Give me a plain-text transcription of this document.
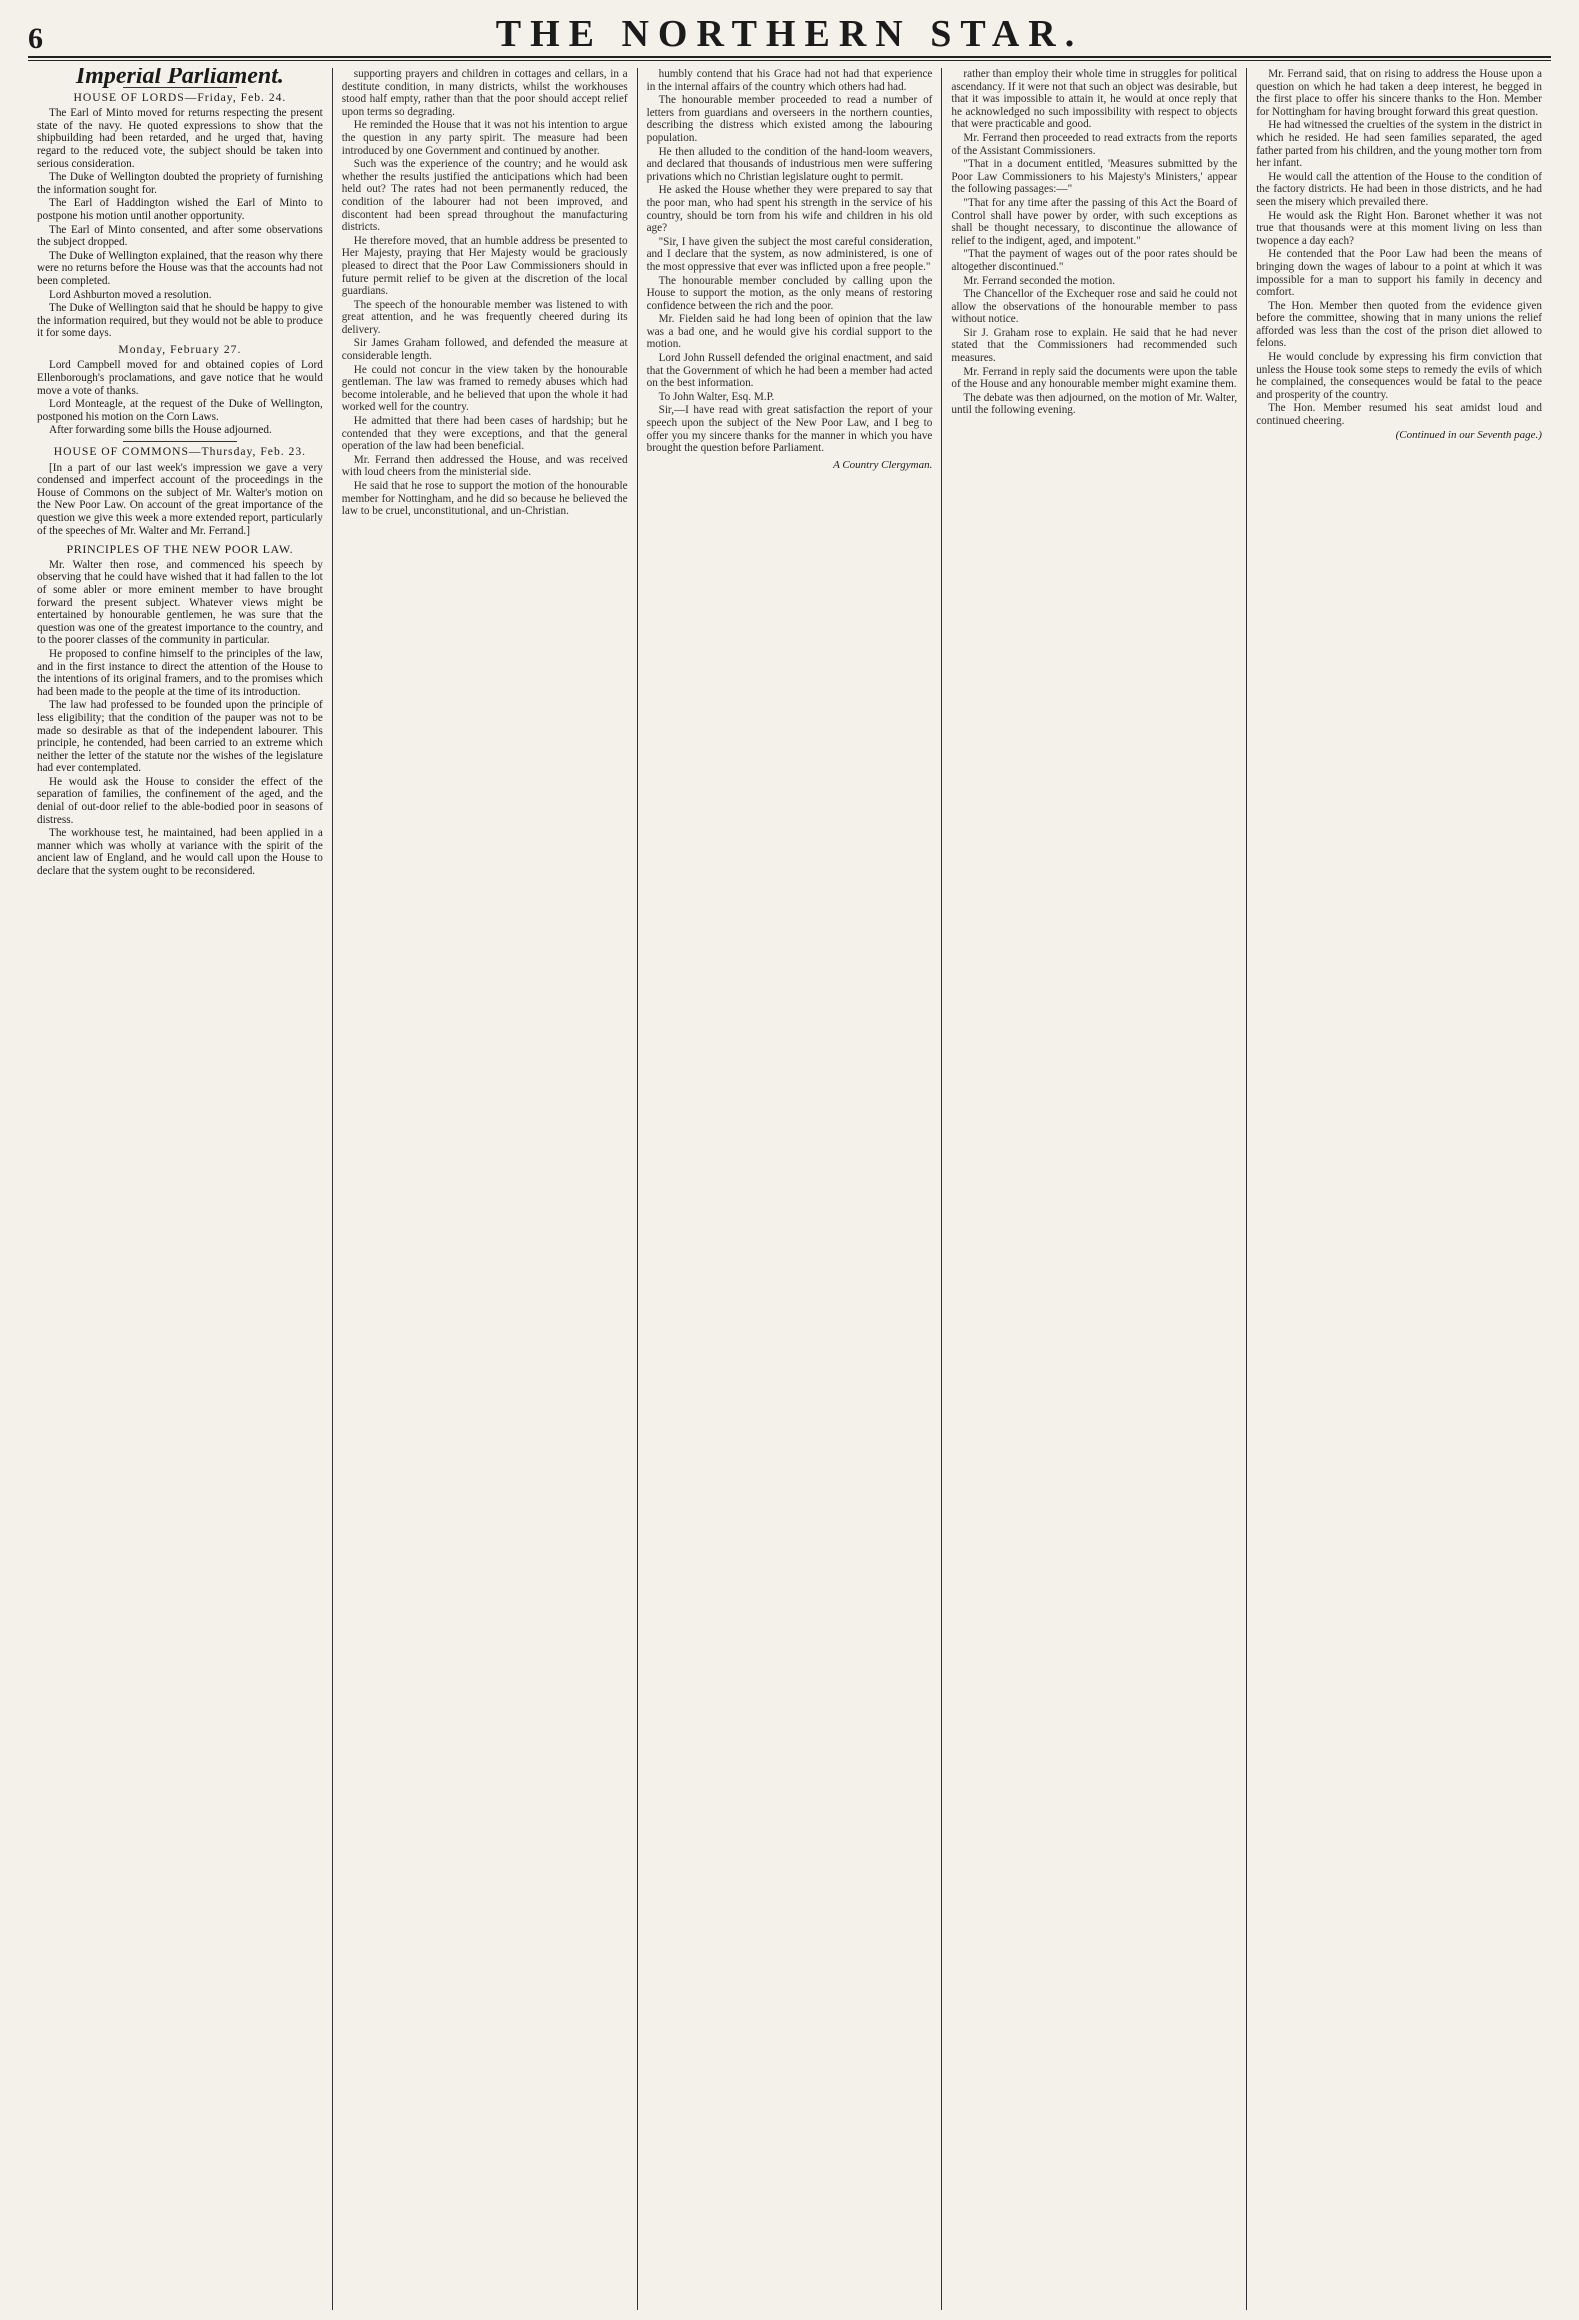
6	THE NORTHERN STAR.
Imperial Parliament.
HOUSE OF LORDS—Friday, Feb. 24.

The Earl of Minto moved for returns respecting the present state of the navy. He quoted expressions to show that the shipbuilding had been retarded, and he urged that, having regard to the reduced vote, the subject should be taken into serious consideration.

The Duke of Wellington doubted the propriety of furnishing the information sought for.

The Earl of Haddington wished the Earl of Minto to postpone his motion until another opportunity.

The Earl of Minto consented, and after some observations the subject dropped.

The Duke of Wellington explained, that the reason why there were no returns before the House was that the accounts had not been completed.

Lord Ashburton moved a resolution.

The Duke of Wellington said that he should be happy to give the information required, but they would not be able to produce it for some days.

Monday, February 27.

Lord Campbell moved for and obtained copies of Lord Ellenborough's proclamations, and gave notice that he would move a vote of thanks.

Lord Monteagle, at the request of the Duke of Wellington, postponed his motion on the Corn Laws.

After forwarding some bills the House adjourned.

HOUSE OF COMMONS—Thursday, Feb. 23.

[In a part of our last week's impression we gave a very condensed and imperfect account of the proceedings in the House of Commons on the subject of Mr. Walter's motion on the New Poor Law. On account of the great importance of the question we give this week a more extended report, particularly of the speeches of Mr. Walter and Mr. Ferrand.]

PRINCIPLES OF THE NEW POOR LAW.

Mr. Walter then rose, and commenced his speech by observing that he could have wished that it had fallen to the lot of some abler or more eminent member to have brought forward the present subject. Whatever views might be entertained by honourable gentlemen, he was sure that the question was one of the greatest importance to the country, and to the poorer classes of the community in particular.

He proposed to confine himself to the principles of the law, and in the first instance to direct the attention of the House to the intentions of its original framers, and to the promises which had been made to the people at the time of its introduction.

The law had professed to be founded upon the principle of less eligibility; that the condition of the pauper was not to be made so desirable as that of the independent labourer. This principle, he contended, had been carried to an extreme which neither the letter of the statute nor the wishes of the legislature had ever contemplated.

He would ask the House to consider the effect of the separation of families, the confinement of the aged, and the denial of out-door relief to the able-bodied poor in seasons of distress.

The workhouse test, he maintained, had been applied in a manner which was wholly at variance with the spirit of the ancient law of England, and he would call upon the House to declare that the system ought to be reconsidered.

supporting prayers and children in cottages and cellars, in a destitute condition, in many districts, whilst the workhouses stood half empty, rather than that the poor should accept relief upon terms so degrading.

He reminded the House that it was not his intention to argue the question in any party spirit. The measure had been introduced by one Government and continued by another.

Such was the experience of the country; and he would ask whether the results justified the anticipations which had been held out? The rates had not been permanently reduced, the condition of the labourer had not been improved, and discontent had been spread throughout the manufacturing districts.

He therefore moved, that an humble address be presented to Her Majesty, praying that Her Majesty would be graciously pleased to direct that the Poor Law Commissioners should in future permit relief to be given at the discretion of the local guardians.

The speech of the honourable member was listened to with great attention, and he was frequently cheered during its delivery.

Sir James Graham followed, and defended the measure at considerable length.

He could not concur in the view taken by the honourable gentleman. The law was framed to remedy abuses which had become intolerable, and he believed that upon the whole it had worked well for the country.

He admitted that there had been cases of hardship; but he contended that they were exceptions, and that the general operation of the law had been beneficial.

Mr. Ferrand then addressed the House, and was received with loud cheers from the ministerial side.

He said that he rose to support the motion of the honourable member for Nottingham, and he did so because he believed the law to be cruel, unconstitutional, and un-Christian.

humbly contend that his Grace had not had that experience in the internal affairs of the country which others had had.

The honourable member proceeded to read a number of letters from guardians and overseers in the northern counties, describing the distress which existed among the labouring population.

He then alluded to the condition of the hand-loom weavers, and declared that thousands of industrious men were suffering privations which no Christian legislature ought to permit.

He asked the House whether they were prepared to say that the poor man, who had spent his strength in the service of his country, should be torn from his wife and children in his old age?

"Sir, I have given the subject the most careful consideration, and I declare that the system, as now administered, is one of the most oppressive that ever was inflicted upon a free people."

The honourable member concluded by calling upon the House to support the motion, as the only means of restoring confidence between the rich and the poor.

Mr. Fielden said he had long been of opinion that the law was a bad one, and he would give his cordial support to the motion.

Lord John Russell defended the original enactment, and said that the Government of which he had been a member had acted on the best information.

To John Walter, Esq. M.P.

Sir,—I have read with great satisfaction the report of your speech upon the subject of the New Poor Law, and I beg to offer you my sincere thanks for the manner in which you have brought the question before Parliament.

A Country Clergyman.

rather than employ their whole time in struggles for political ascendancy. If it were not that such an object was desirable, but that it was impossible to attain it, he would at once reply that he acknowledged no such impossibility with respect to objects that were practicable and good.

Mr. Ferrand then proceeded to read extracts from the reports of the Assistant Commissioners.

"That in a document entitled, 'Measures submitted by the Poor Law Commissioners to his Majesty's Ministers,' appear the following passages:—"

"That for any time after the passing of this Act the Board of Control shall have power by order, with such exceptions as shall be thought necessary, to discontinue the allowance of relief to the indigent, aged, and impotent."

"That the payment of wages out of the poor rates should be altogether discontinued."

Mr. Ferrand seconded the motion.

The Chancellor of the Exchequer rose and said he could not allow the observations of the honourable member to pass without notice.

Sir J. Graham rose to explain. He said that he had never stated that the Commissioners had recommended such measures.

Mr. Ferrand in reply said the documents were upon the table of the House and any honourable member might examine them.

The debate was then adjourned, on the motion of Mr. Walter, until the following evening.

Mr. Ferrand said, that on rising to address the House upon a question on which he had taken a deep interest, he begged in the first place to offer his sincere thanks to the Hon. Member for Nottingham for having brought forward this great question.

He had witnessed the cruelties of the system in the district in which he resided. He had seen families separated, the aged father parted from his children, and the young mother torn from her infant.

He would call the attention of the House to the condition of the factory districts. He had been in those districts, and he had seen the misery which prevailed there.

He would ask the Right Hon. Baronet whether it was not true that thousands were at this moment living on less than twopence a day each?

He contended that the Poor Law had been the means of bringing down the wages of labour to a point at which it was impossible for a man to support his family in decency and comfort.

The Hon. Member then quoted from the evidence given before the committee, showing that in many unions the relief afforded was less than the cost of the prison diet allowed to felons.

He would conclude by expressing his firm conviction that unless the House took some steps to remedy the evils of which he complained, the consequences would be fatal to the peace and prosperity of the country.

The Hon. Member resumed his seat amidst loud and continued cheering.

(Continued in our Seventh page.)
